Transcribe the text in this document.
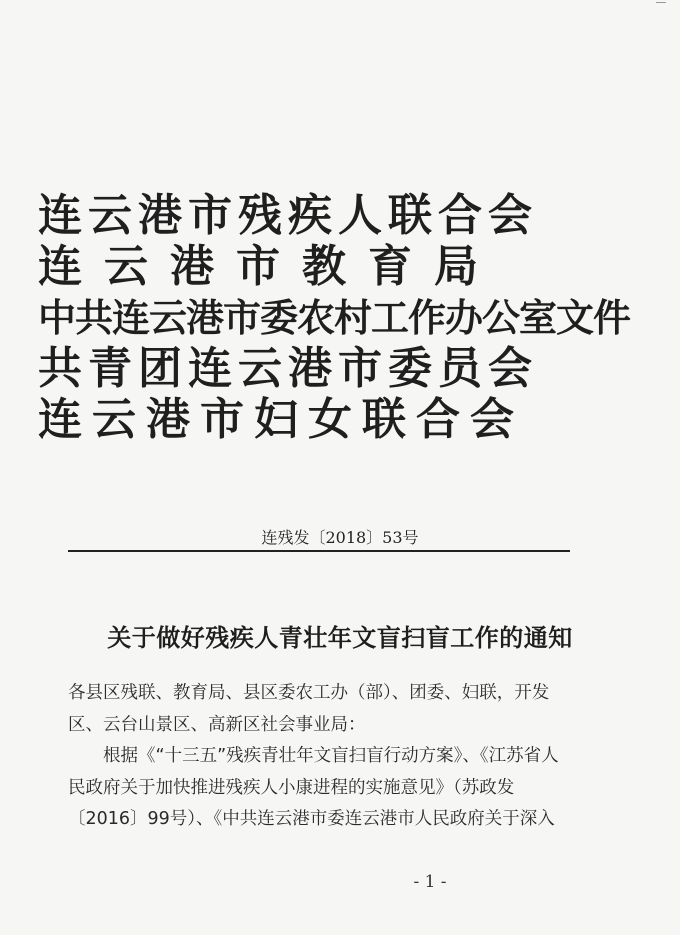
连云港市残疾人联合会
连云港市教育局
中共连云港市委农村工作办公室文件
共青团连云港市委员会
连云港市妇女联合会
连残发〔2018〕53号
关于做好残疾人青壮年文盲扫盲工作的通知

各县区残联、教育局、县区委农工办（部）、团委、妇联，开发区、云台山景区、高新区社会事业局：

根据《“十三五”残疾青壮年文盲扫盲行动方案》、《江苏省人民政府关于加快推进残疾人小康进程的实施意见》（苏政发〔2016〕99号）、《中共连云港市委连云港市人民政府关于深入

- 1 -
